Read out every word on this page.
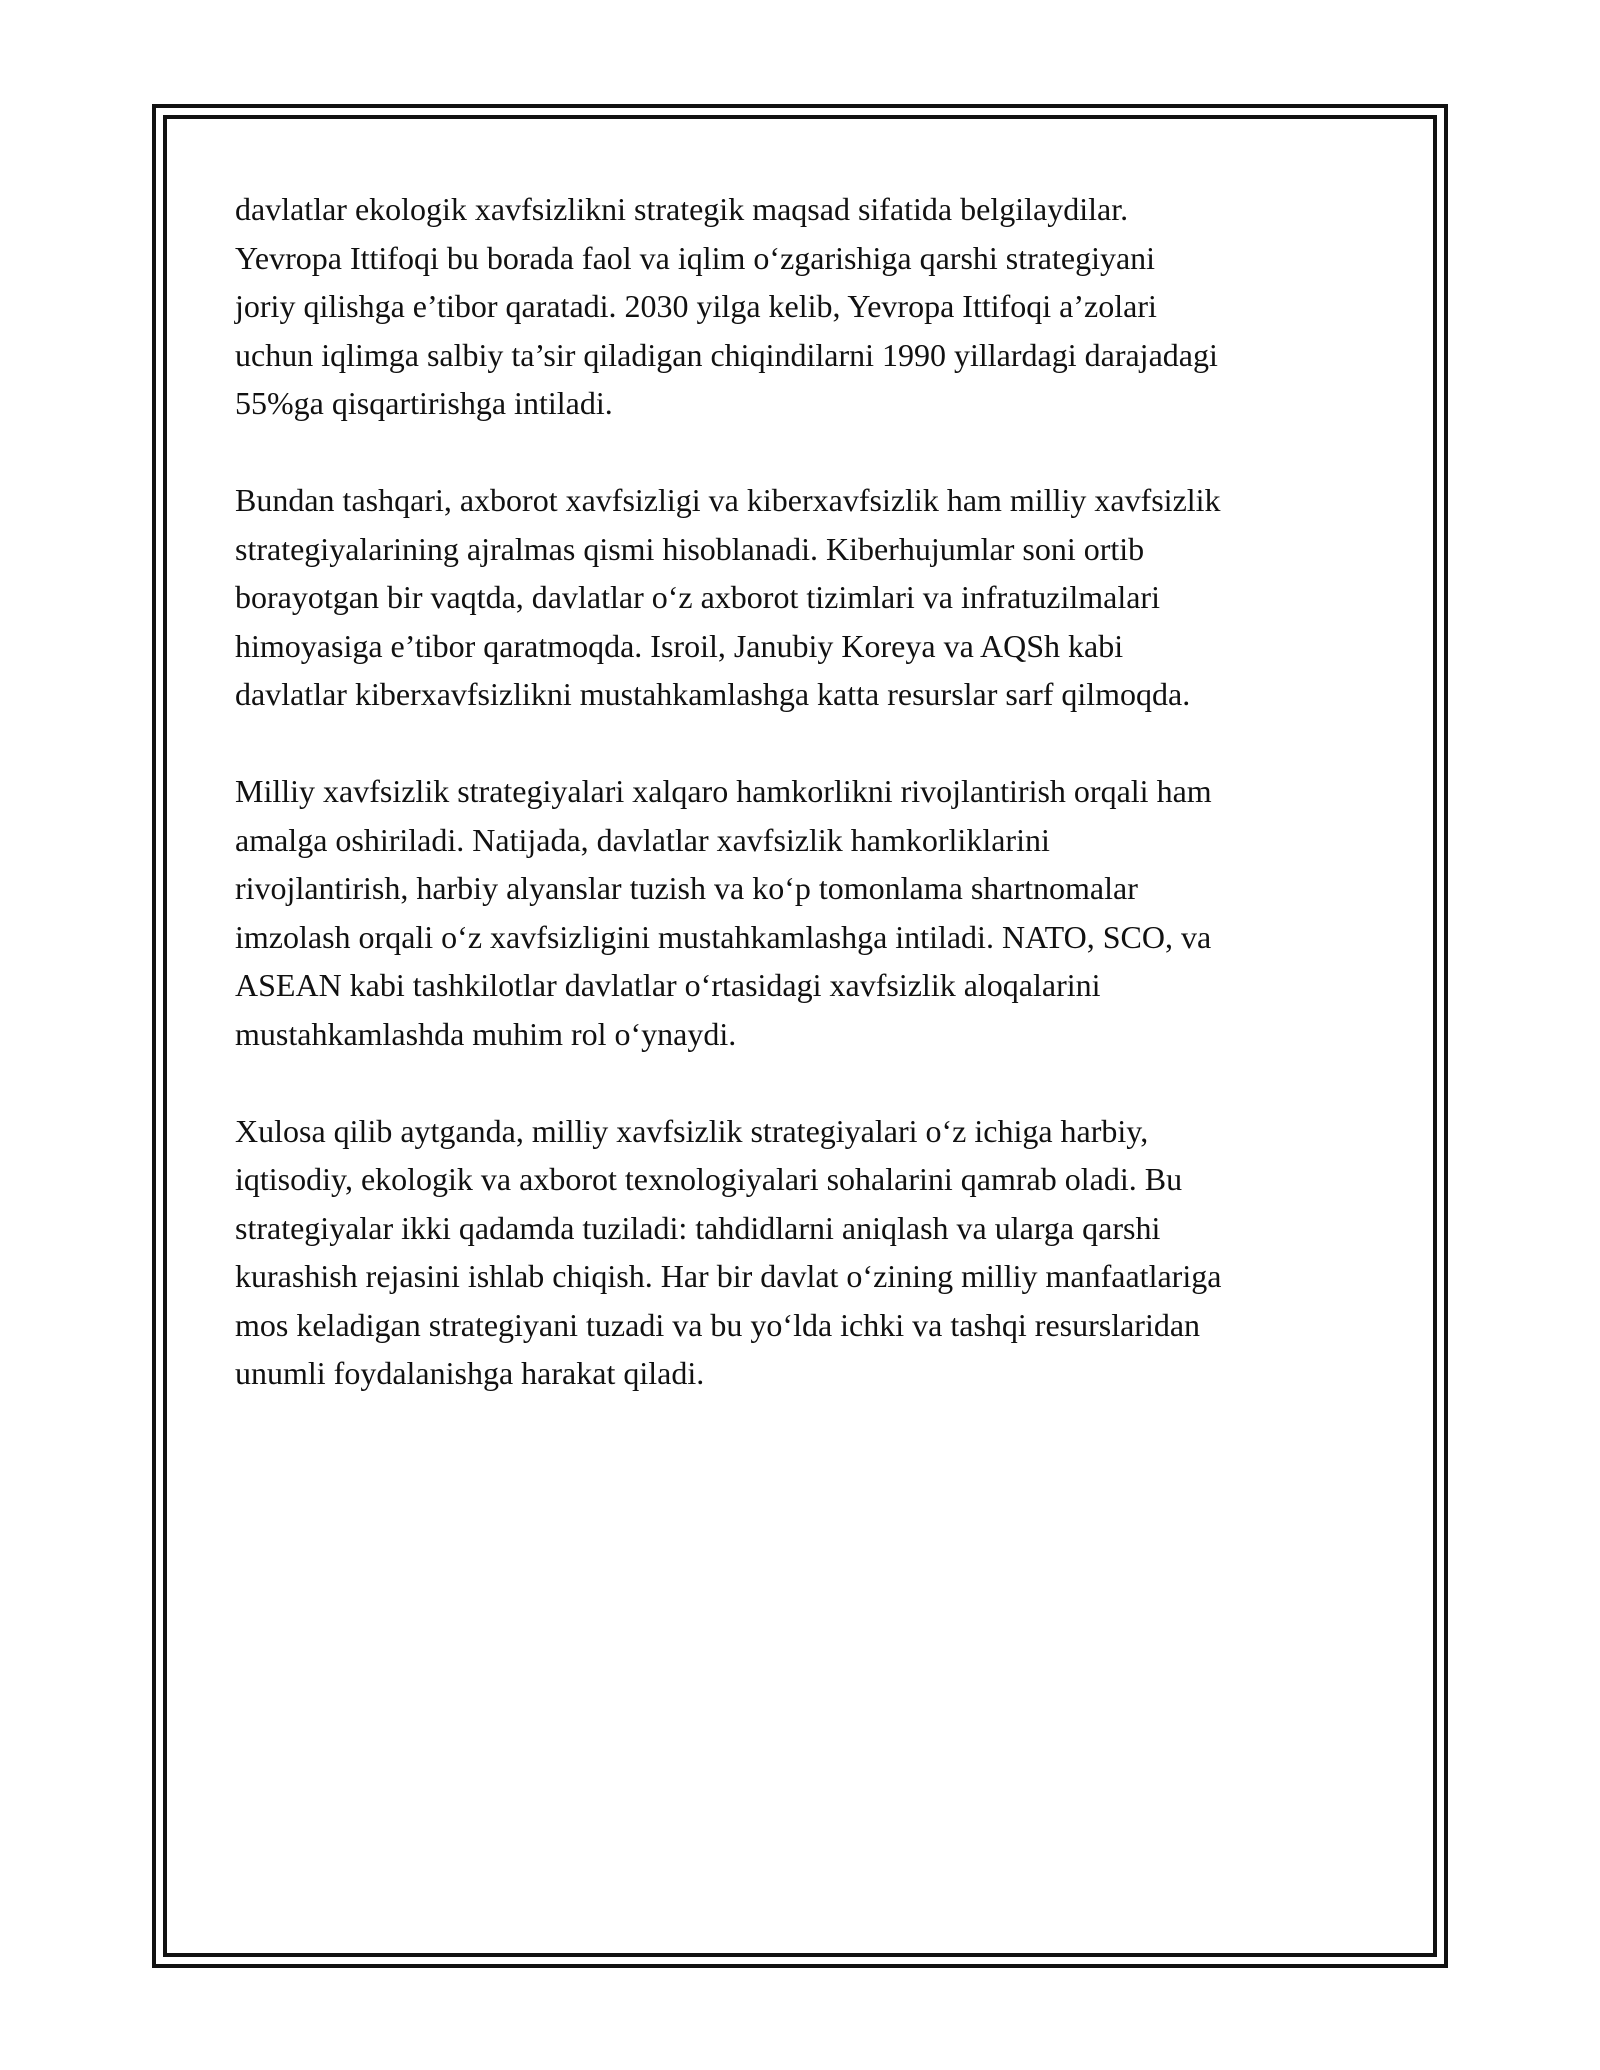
davlatlar ekologik xavfsizlikni strategik maqsad sifatida belgilaydilar.
Yevropa Ittifoqi bu borada faol va iqlim o‘zgarishiga qarshi strategiyani
joriy qilishga e’tibor qaratadi. 2030 yilga kelib, Yevropa Ittifoqi a’zolari
uchun iqlimga salbiy ta’sir qiladigan chiqindilarni 1990 yillardagi darajadagi
55%ga qisqartirishga intiladi.

Bundan tashqari, axborot xavfsizligi va kiberxavfsizlik ham milliy xavfsizlik
strategiyalarining ajralmas qismi hisoblanadi. Kiberhujumlar soni ortib
borayotgan bir vaqtda, davlatlar o‘z axborot tizimlari va infratuzilmalari
himoyasiga e’tibor qaratmoqda. Isroil, Janubiy Koreya va AQSh kabi
davlatlar kiberxavfsizlikni mustahkamlashga katta resurslar sarf qilmoqda.

Milliy xavfsizlik strategiyalari xalqaro hamkorlikni rivojlantirish orqali ham
amalga oshiriladi. Natijada, davlatlar xavfsizlik hamkorliklarini
rivojlantirish, harbiy alyanslar tuzish va ko‘p tomonlama shartnomalar
imzolash orqali o‘z xavfsizligini mustahkamlashga intiladi. NATO, SCO, va
ASEAN kabi tashkilotlar davlatlar o‘rtasidagi xavfsizlik aloqalarini
mustahkamlashda muhim rol o‘ynaydi.

Xulosa qilib aytganda, milliy xavfsizlik strategiyalari o‘z ichiga harbiy,
iqtisodiy, ekologik va axborot texnologiyalari sohalarini qamrab oladi. Bu
strategiyalar ikki qadamda tuziladi: tahdidlarni aniqlash va ularga qarshi
kurashish rejasini ishlab chiqish. Har bir davlat o‘zining milliy manfaatlariga
mos keladigan strategiyani tuzadi va bu yo‘lda ichki va tashqi resurslaridan
unumli foydalanishga harakat qiladi.
